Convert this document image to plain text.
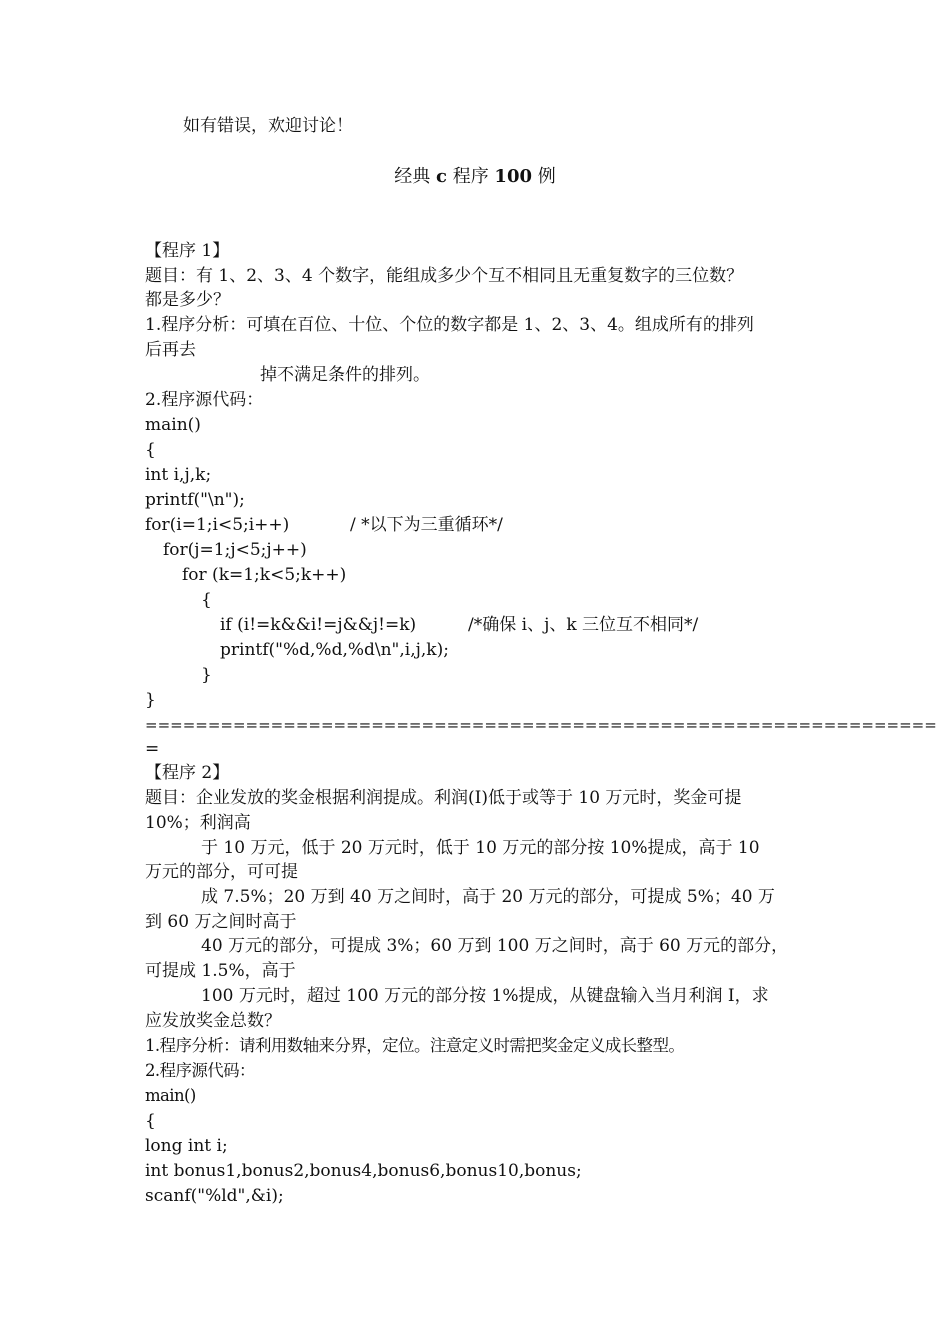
如有错误，欢迎讨论！
经典 c 程序 100 例
【程序 1】
题目：有 1、2、3、4 个数字，能组成多少个互不相同且无重复数字的三位数？
都是多少？
1.程序分析：可填在百位、十位、个位的数字都是 1、2、3、4。组成所有的排列
后再去
掉不满足条件的排列。
2.程序源代码：
main()
{
int i,j,k;
printf("\n");
for(i=1;i<5;i++)	/ *以下为三重循环*/
for(j=1;j<5;j++)
for (k=1;k<5;k++)
{
if (i!=k&&i!=j&&j!=k)	/*确保 i、j、k 三位互不相同*/
printf("%d,%d,%d\n",i,j,k);
}
}
===============================================================
=
【程序 2】
题目：企业发放的奖金根据利润提成。利润(I)低于或等于 10 万元时，奖金可提
10%；利润高
于 10 万元，低于 20 万元时，低于 10 万元的部分按 10%提成，高于 10
万元的部分，可可提
成 7.5%；20 万到 40 万之间时，高于 20 万元的部分，可提成 5%；40 万
到 60 万之间时高于
40 万元的部分，可提成 3%；60 万到 100 万之间时，高于 60 万元的部分，
可提成 1.5%，高于
100 万元时，超过 100 万元的部分按 1%提成，从键盘输入当月利润 I，求
应发放奖金总数？
1.程序分析：请利用数轴来分界，定位。注意定义时需把奖金定义成长整型。
2.程序源代码：
main()
{
long int i;
int bonus1,bonus2,bonus4,bonus6,bonus10,bonus;
scanf("%ld",&i);
